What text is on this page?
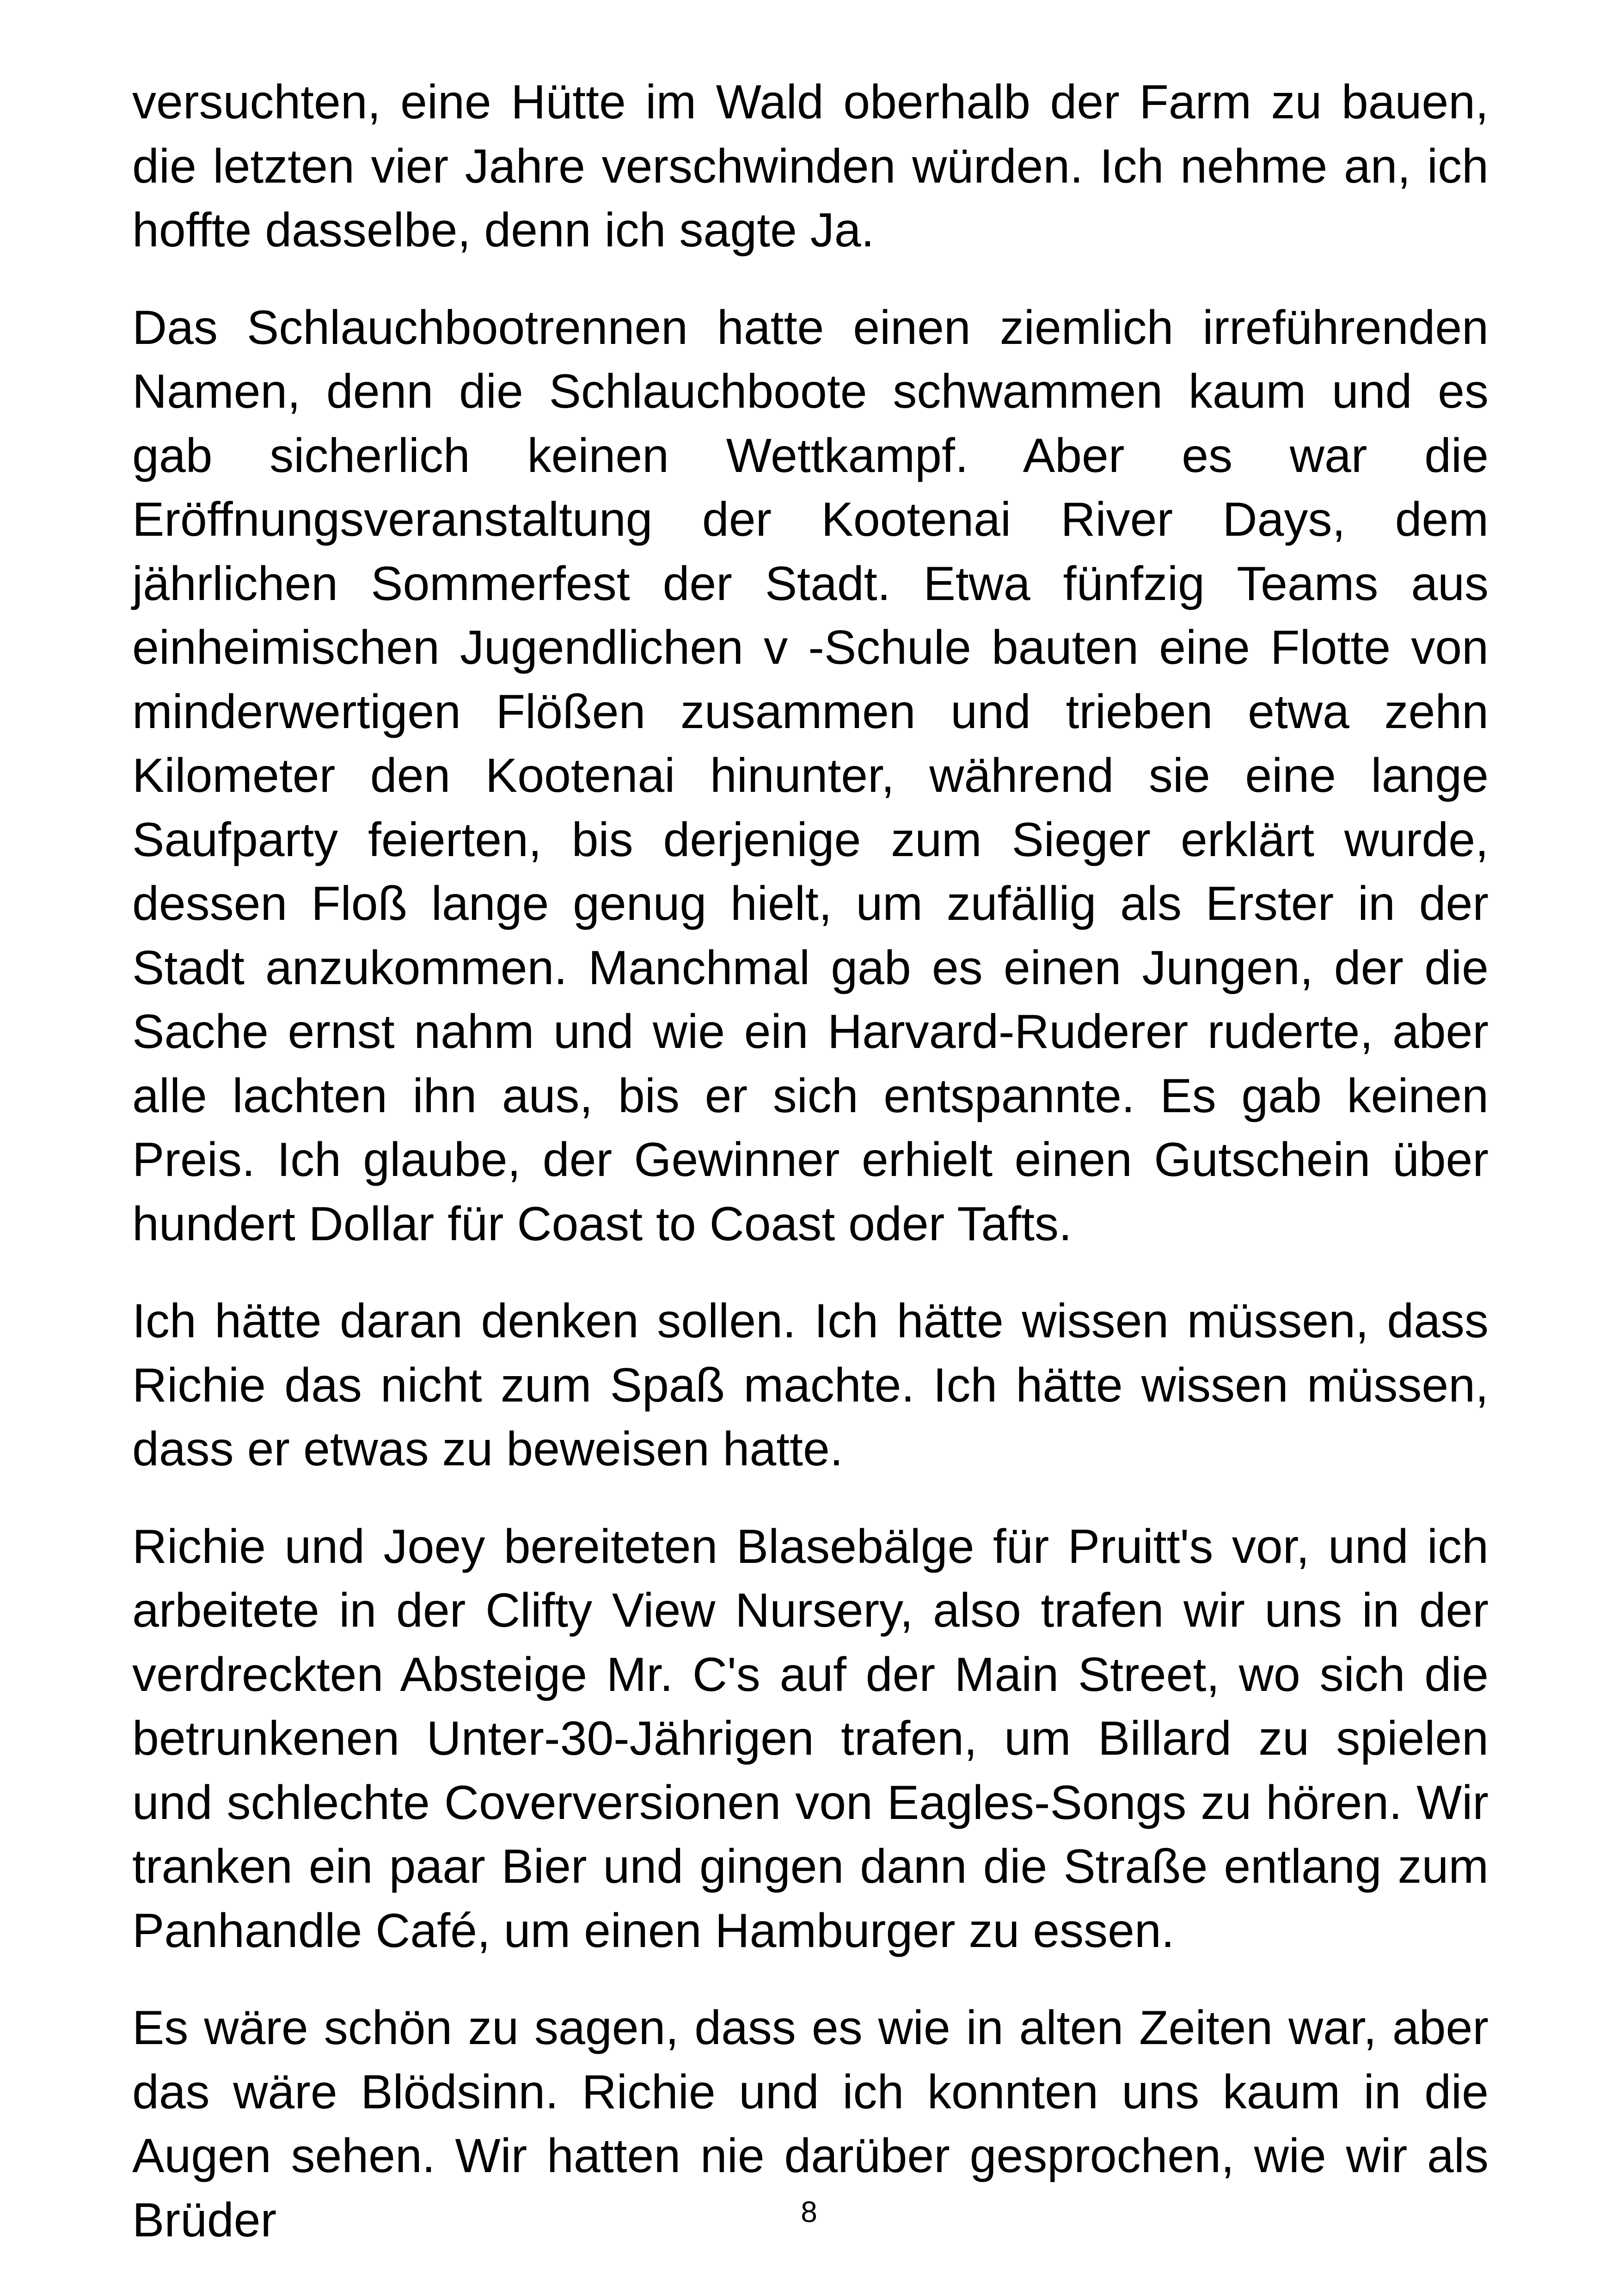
versuchten, eine Hütte im Wald oberhalb der Farm zu bauen, die letzten vier Jahre verschwinden würden. Ich nehme an, ich hoffte dasselbe, denn ich sagte Ja.

Das Schlauchbootrennen hatte einen ziemlich irreführenden Namen, denn die Schlauchboote schwammen kaum und es gab sicherlich keinen Wettkampf. Aber es war die Eröffnungsveranstaltung der Kootenai River Days, dem jährlichen Sommerfest der Stadt. Etwa fünfzig Teams aus einheimischen Jugendlichen v -Schule bauten eine Flotte von minderwertigen Flößen zusammen und trieben etwa zehn Kilometer den Kootenai hinunter, während sie eine lange Saufparty feierten, bis derjenige zum Sieger erklärt wurde, dessen Floß lange genug hielt, um zufällig als Erster in der Stadt anzukommen. Manchmal gab es einen Jungen, der die Sache ernst nahm und wie ein Harvard-Ruderer ruderte, aber alle lachten ihn aus, bis er sich entspannte. Es gab keinen Preis. Ich glaube, der Gewinner erhielt einen Gutschein über hundert Dollar für Coast to Coast oder Tafts.

Ich hätte daran denken sollen. Ich hätte wissen müssen, dass Richie das nicht zum Spaß machte. Ich hätte wissen müssen, dass er etwas zu beweisen hatte.

Richie und Joey bereiteten Blasebälge für Pruitt's vor, und ich arbeitete in der Clifty View Nursery, also trafen wir uns in der verdreckten Absteige Mr. C's auf der Main Street, wo sich die betrunkenen Unter-30-Jährigen trafen, um Billard zu spielen und schlechte Coverversionen von Eagles-Songs zu hören. Wir tranken ein paar Bier und gingen dann die Straße entlang zum Panhandle Café, um einen Hamburger zu essen.

Es wäre schön zu sagen, dass es wie in alten Zeiten war, aber das wäre Blödsinn. Richie und ich konnten uns kaum in die Augen sehen. Wir hatten nie darüber gesprochen, wie wir als Brüder	8
